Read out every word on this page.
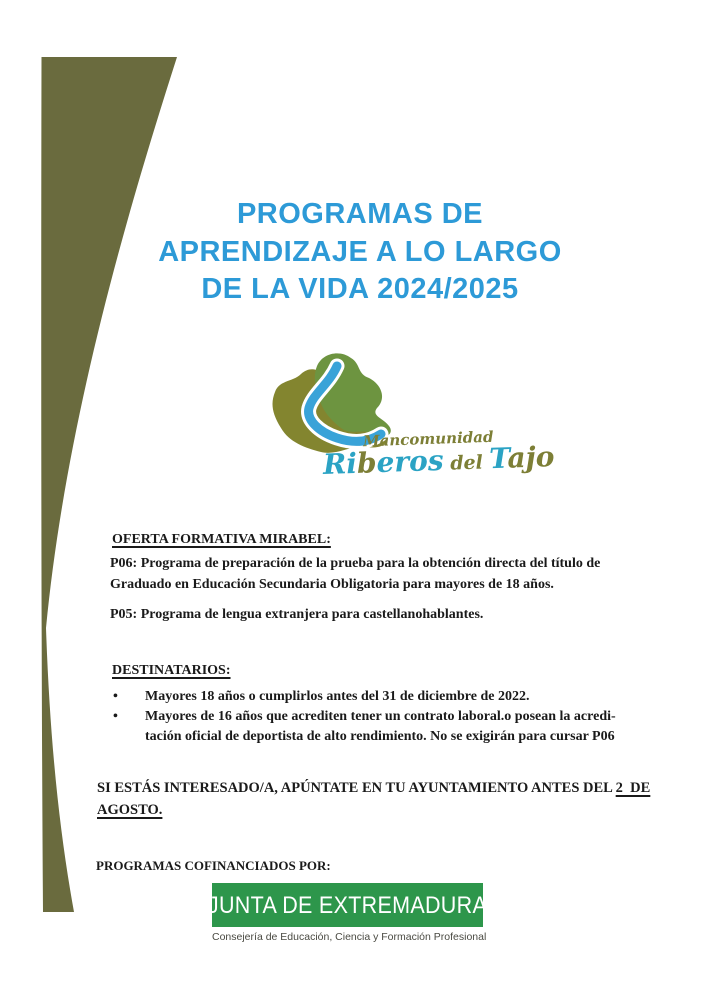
PROGRAMAS DE
APRENDIZAJE A LO LARGO
DE LA VIDA 2024/2025
Mancomunidad
Riberos del Tajo
OFERTA FORMATIVA MIRABEL:
P06: Programa de preparación de la prueba para la obtención directa del título de
Graduado en Educación Secundaria Obligatoria para mayores de 18 años.
P05: Programa de lengua extranjera para castellanohablantes.
DESTINATARIOS:
•	Mayores 18 años o cumplirlos antes del 31 de diciembre de 2022.
•	Mayores de 16 años que acrediten tener un contrato laboral.o posean la acredi-
tación oficial de deportista de alto rendimiento. No se exigirán para cursar P06
SI ESTÁS INTERESADO/A, APÚNTATE EN TU AYUNTAMIENTO ANTES DEL 2  DE
AGOSTO.
PROGRAMAS COFINANCIADOS POR:
JUNTA DE EXTREMADURA
Consejería de Educación, Ciencia y Formación Profesional
